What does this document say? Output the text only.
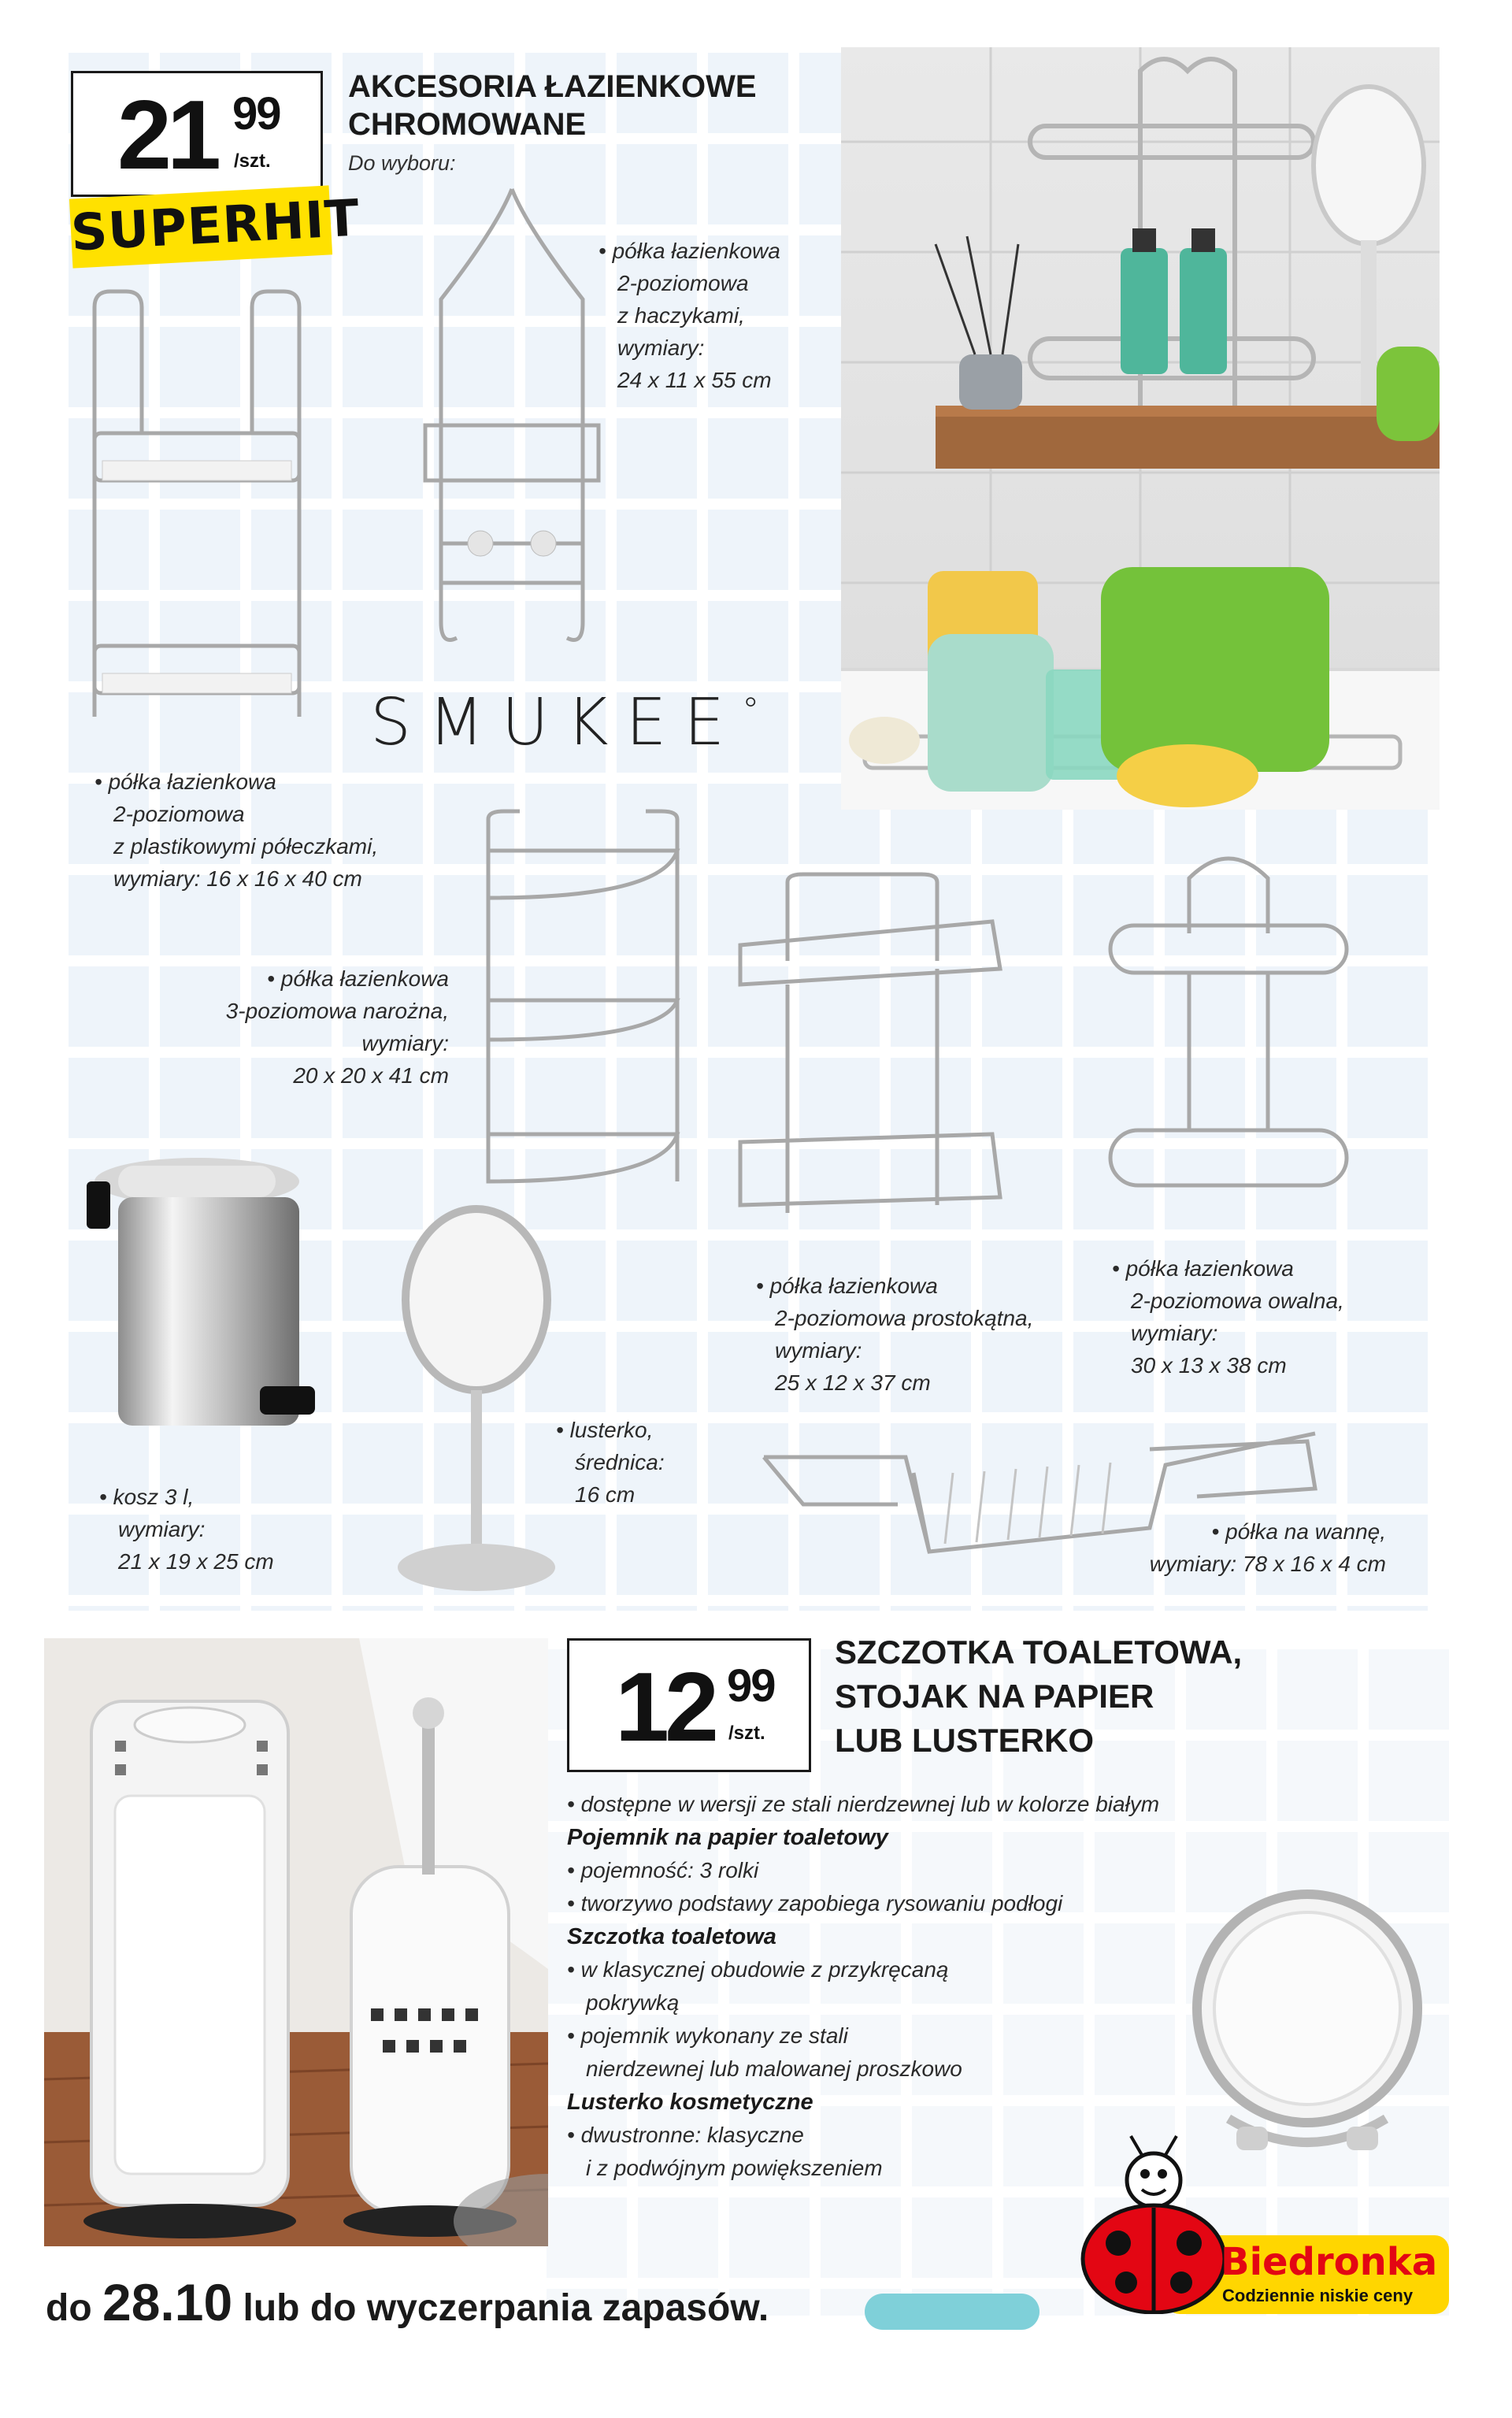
21 99
/szt.
SUPERHIT
AKCESORIA ŁAZIENKOWE
CHROMOWANE
Do wyboru:
• półka łazienkowa
2-poziomowa
z haczykami,
wymiary:
24 x 11 x 55 cm
SMUKEE°
• półka łazienkowa
2-poziomowa
z plastikowymi półeczkami,
wymiary: 16 x 16 x 40 cm
• półka łazienkowa
3-poziomowa narożna,
wymiary:
20 x 20 x 41 cm
• półka łazienkowa
2-poziomowa prostokątna,
wymiary:
25 x 12 x 37 cm
• półka łazienkowa
2-poziomowa owalna,
wymiary:
30 x 13 x 38 cm
• lusterko,
średnica:
16 cm
• kosz 3 l,
wymiary:
21 x 19 x 25 cm
• półka na wannę,
wymiary: 78 x 16 x 4 cm
12 99
/szt.
SZCZOTKA TOALETOWA,
STOJAK NA PAPIER
LUB LUSTERKO
• dostępne w wersji ze stali nierdzewnej lub w kolorze białym
Pojemnik na papier toaletowy
• pojemność: 3 rolki
• tworzywo podstawy zapobiega rysowaniu podłogi
Szczotka toaletowa
• w klasycznej obudowie z przykręcaną
pokrywką
• pojemnik wykonany ze stali
nierdzewnej lub malowanej proszkowo
Lusterko kosmetyczne
• dwustronne: klasyczne
i z podwójnym powiększeniem
do 28.10 lub do wyczerpania zapasów.
Biedronka
Codziennie niskie ceny
